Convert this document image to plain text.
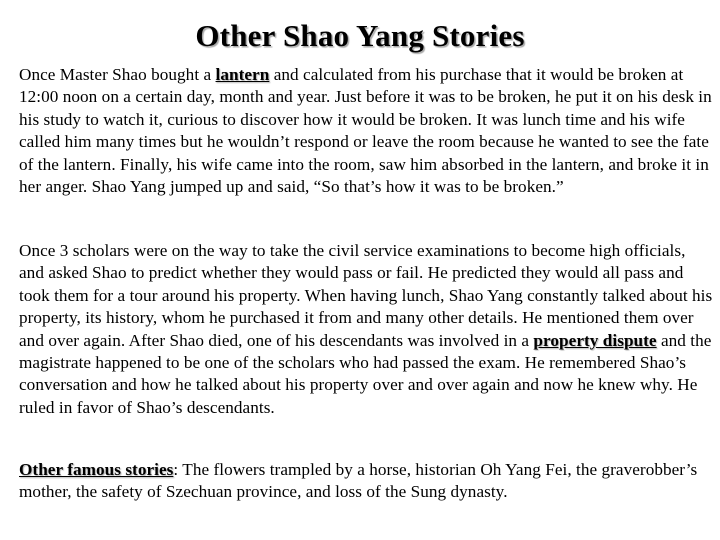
Other Shao Yang Stories

Once Master Shao bought a lantern and calculated from his purchase that it would be broken at 12:00 noon on a certain day, month and year. Just before it was to be broken, he put it on his desk in his study to watch it, curious to discover how it would be broken. It was lunch time and his wife called him many times but he wouldn’t respond or leave the room because he wanted to see the fate of the lantern. Finally, his wife came into the room, saw him absorbed in the lantern, and broke it in her anger. Shao Yang jumped up and said, “So that’s how it was to be broken.”

Once 3 scholars were on the way to take the civil service examinations to become high officials, and asked Shao to predict whether they would pass or fail. He predicted they would all pass and took them for a tour around his property. When having lunch, Shao Yang constantly talked about his property, its history, whom he purchased it from and many other details. He mentioned them over and over again. After Shao died, one of his descendants was involved in a property dispute and the magistrate happened to be one of the scholars who had passed the exam. He remembered Shao’s conversation and how he talked about his property over and over again and now he knew why. He ruled in favor of Shao’s descendants.

Other famous stories: The flowers trampled by a horse, historian Oh Yang Fei, the graverobber’s mother, the safety of Szechuan province, and loss of the Sung dynasty.
